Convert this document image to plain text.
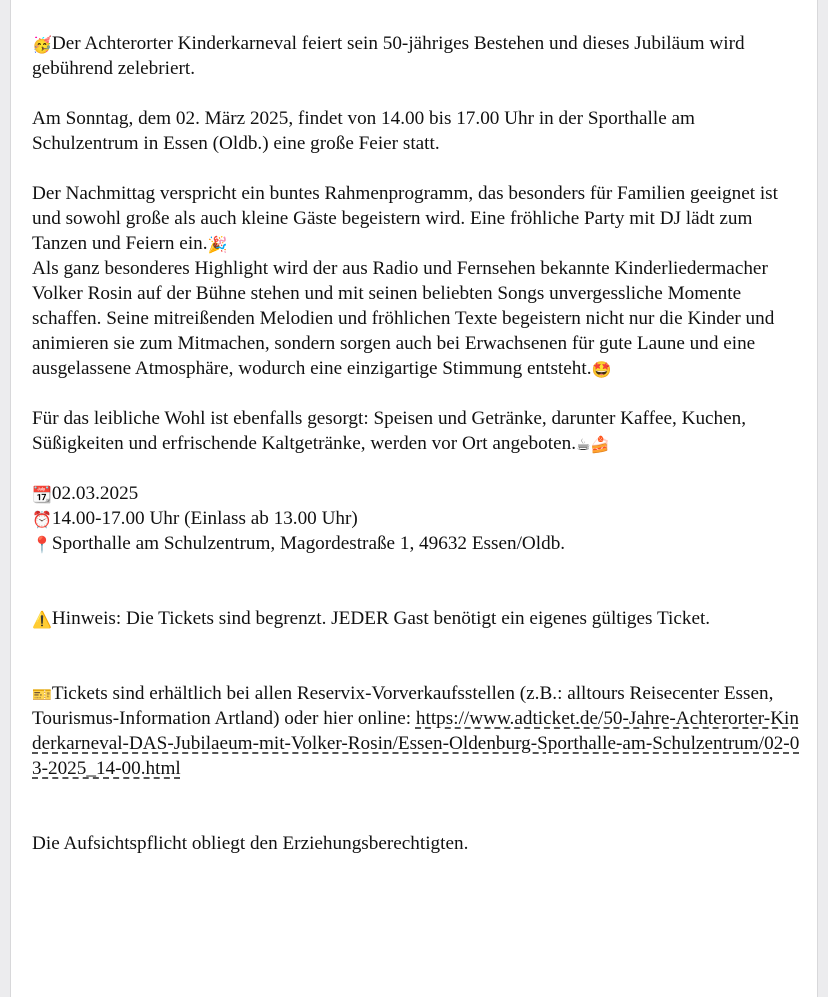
🥳Der Achterorter Kinderkarneval feiert sein 50-jähriges Bestehen und dieses Jubiläum wird gebührend zelebriert.

Am Sonntag, dem 02. März 2025, findet von 14.00 bis 17.00 Uhr in der Sporthalle am Schulzentrum in Essen (Oldb.) eine große Feier statt.

Der Nachmittag verspricht ein buntes Rahmenprogramm, das besonders für Familien geeignet ist und sowohl große als auch kleine Gäste begeistern wird. Eine fröhliche Party mit DJ lädt zum Tanzen und Feiern ein.🎉

Als ganz besonderes Highlight wird der aus Radio und Fernsehen bekannte Kinderliedermacher Volker Rosin auf der Bühne stehen und mit seinen beliebten Songs unvergessliche Momente schaffen. Seine mitreißenden Melodien und fröhlichen Texte begeistern nicht nur die Kinder und animieren sie zum Mitmachen, sondern sorgen auch bei Erwachsenen für gute Laune und eine ausgelassene Atmosphäre, wodurch eine einzigartige Stimmung entsteht.🤩

Für das leibliche Wohl ist ebenfalls gesorgt: Speisen und Getränke, darunter Kaffee, Kuchen, Süßigkeiten und erfrischende Kaltgetränke, werden vor Ort angeboten.☕🍰

📆02.03.2025

⏰14.00-17.00 Uhr (Einlass ab 13.00 Uhr)

📍Sporthalle am Schulzentrum, Magordestraße 1, 49632 Essen/Oldb.

⚠️Hinweis: Die Tickets sind begrenzt. JEDER Gast benötigt ein eigenes gültiges Ticket.

🎫Tickets sind erhältlich bei allen Reservix-Vorverkaufsstellen (z.B.: alltours Reisecenter Essen, Tourismus-Information Artland) oder hier online: https://www.adticket.de/50-Jahre-Achterorter-Kinderkarneval-DAS-Jubilaeum-mit-Volker-Rosin/Essen-Oldenburg-Sporthalle-am-Schulzentrum/02-03-2025_14-00.html

Die Aufsichtspflicht obliegt den Erziehungsberechtigten.
